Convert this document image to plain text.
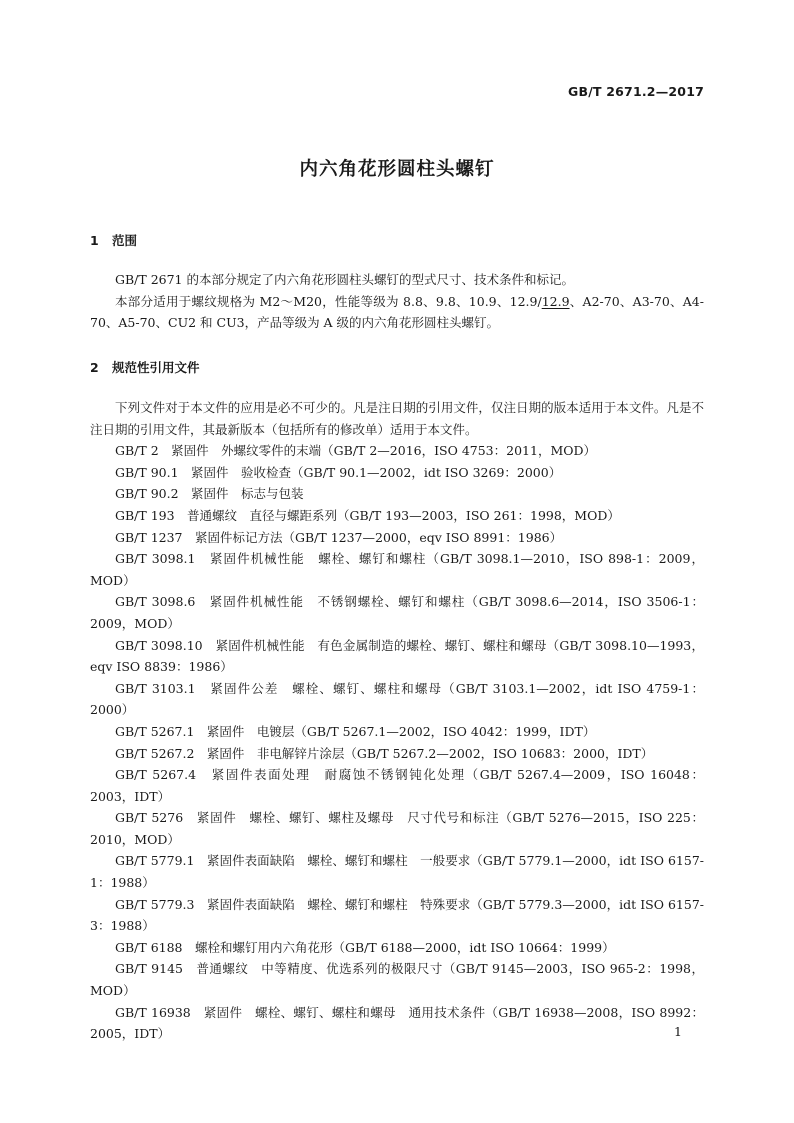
GB/T 2671.2—2017
内六角花形圆柱头螺钉
1 范围

GB/T 2671 的本部分规定了内六角花形圆柱头螺钉的型式尺寸、技术条件和标记。

本部分适用于螺纹规格为 M2～M20，性能等级为 8.8、9.8、10.9、12.9/12.9、A2-70、A3-70、A4-70、A5-70、CU2 和 CU3，产品等级为 A 级的内六角花形圆柱头螺钉。

2 规范性引用文件

下列文件对于本文件的应用是必不可少的。凡是注日期的引用文件，仅注日期的版本适用于本文件。凡是不注日期的引用文件，其最新版本（包括所有的修改单）适用于本文件。

GB/T 2　紧固件　外螺纹零件的末端（GB/T 2—2016，ISO 4753：2011，MOD）

GB/T 90.1　紧固件　验收检查（GB/T 90.1—2002，idt ISO 3269：2000）

GB/T 90.2　紧固件　标志与包装

GB/T 193　普通螺纹　直径与螺距系列（GB/T 193—2003，ISO 261：1998，MOD）

GB/T 1237　紧固件标记方法（GB/T 1237—2000，eqv ISO 8991：1986）

GB/T 3098.1　紧固件机械性能　螺栓、螺钉和螺柱（GB/T 3098.1—2010，ISO 898-1：2009，MOD）

GB/T 3098.6　紧固件机械性能　不锈钢螺栓、螺钉和螺柱（GB/T 3098.6—2014，ISO 3506-1：2009，MOD）

GB/T 3098.10　紧固件机械性能　有色金属制造的螺栓、螺钉、螺柱和螺母（GB/T 3098.10—1993，eqv ISO 8839：1986）

GB/T 3103.1　紧固件公差　螺栓、螺钉、螺柱和螺母（GB/T 3103.1—2002，idt ISO 4759-1：2000）

GB/T 5267.1　紧固件　电镀层（GB/T 5267.1—2002，ISO 4042：1999，IDT）

GB/T 5267.2　紧固件　非电解锌片涂层（GB/T 5267.2—2002，ISO 10683：2000，IDT）

GB/T 5267.4　紧固件表面处理　耐腐蚀不锈钢钝化处理（GB/T 5267.4—2009，ISO 16048：2003，IDT）

GB/T 5276　紧固件　螺栓、螺钉、螺柱及螺母　尺寸代号和标注（GB/T 5276—2015，ISO 225：2010，MOD）

GB/T 5779.1　紧固件表面缺陷　螺栓、螺钉和螺柱　一般要求（GB/T 5779.1—2000，idt ISO 6157-1：1988）

GB/T 5779.3　紧固件表面缺陷　螺栓、螺钉和螺柱　特殊要求（GB/T 5779.3—2000，idt ISO 6157-3：1988）

GB/T 6188　螺栓和螺钉用内六角花形（GB/T 6188—2000，idt ISO 10664：1999）

GB/T 9145　普通螺纹　中等精度、优选系列的极限尺寸（GB/T 9145—2003，ISO 965-2：1998，MOD）

GB/T 16938　紧固件　螺栓、螺钉、螺柱和螺母　通用技术条件（GB/T 16938—2008，ISO 8992：2005，IDT）	1
